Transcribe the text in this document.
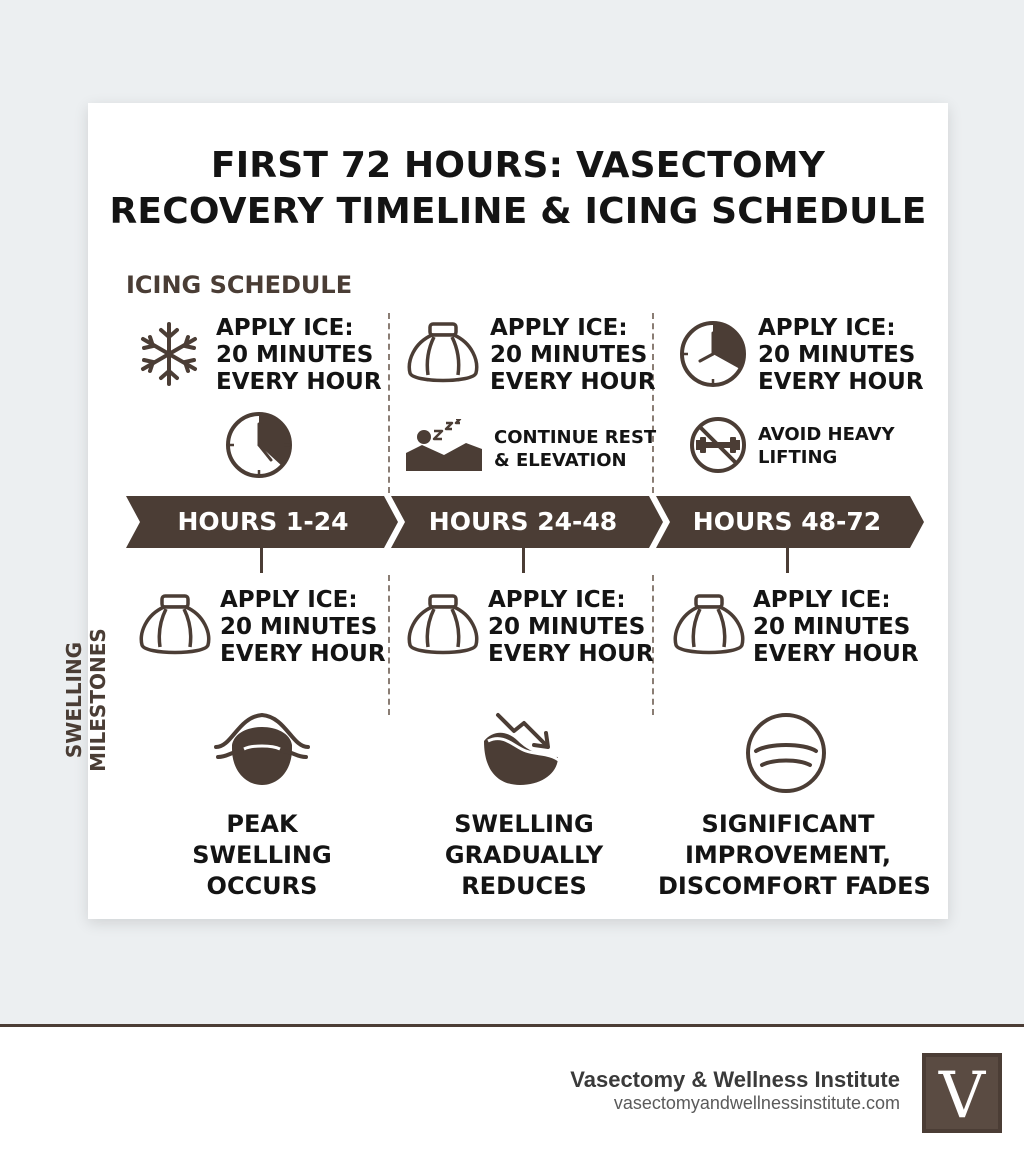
FIRST 72 HOURS: VASECTOMY
RECOVERY TIMELINE & ICING SCHEDULE
ICING SCHEDULE
SWELLING MILESTONES
APPLY ICE:
20 MINUTES
EVERY HOUR
APPLY ICE:
20 MINUTES
EVERY HOUR
APPLY ICE:
20 MINUTES
EVERY HOUR
CONTINUE REST
& ELEVATION
AVOID HEAVY
LIFTING
HOURS 1-24	HOURS 24-48	HOURS 48-72
APPLY ICE:
20 MINUTES
EVERY HOUR
APPLY ICE:
20 MINUTES
EVERY HOUR
APPLY ICE:
20 MINUTES
EVERY HOUR
PEAK
SWELLING
OCCURS
SWELLING
GRADUALLY
REDUCES
SIGNIFICANT
IMPROVEMENT,
DISCOMFORT FADES
Vasectomy & Wellness Institute
vasectomyandwellnessinstitute.com V
